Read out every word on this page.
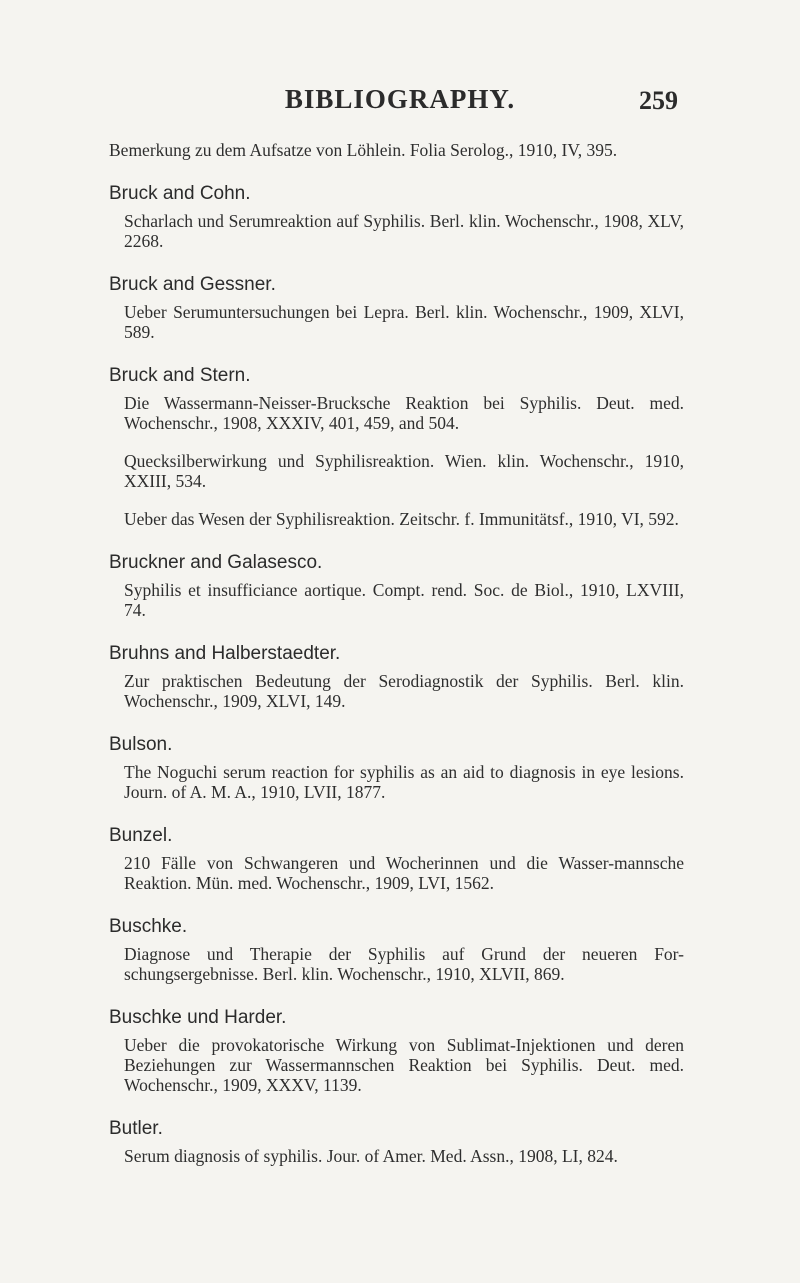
BIBLIOGRAPHY.	259

Bemerkung zu dem Aufsatze von Löhlein. Folia Serolog., 1910, IV, 395.

Bruck and Cohn.

Scharlach und Serumreaktion auf Syphilis. Berl. klin. Wochenschr., 1908, XLV, 2268.

Bruck and Gessner.

Ueber Serumuntersuchungen bei Lepra. Berl. klin. Wochenschr., 1909, XLVI, 589.

Bruck and Stern.

Die Wassermann-Neisser-Brucksche Reaktion bei Syphilis. Deut. med. Wochenschr., 1908, XXXIV, 401, 459, and 504.

Quecksilberwirkung und Syphilisreaktion. Wien. klin. Wochenschr., 1910, XXIII, 534.

Ueber das Wesen der Syphilisreaktion. Zeitschr. f. Immunitätsf., 1910, VI, 592.

Bruckner and Galasesco.

Syphilis et insufficiance aortique. Compt. rend. Soc. de Biol., 1910, LXVIII, 74.

Bruhns and Halberstaedter.

Zur praktischen Bedeutung der Serodiagnostik der Syphilis. Berl. klin. Wochenschr., 1909, XLVI, 149.

Bulson.

The Noguchi serum reaction for syphilis as an aid to diagnosis in eye lesions. Journ. of A. M. A., 1910, LVII, 1877.

Bunzel.

210 Fälle von Schwangeren und Wocherinnen und die Wasser-mannsche Reaktion. Mün. med. Wochenschr., 1909, LVI, 1562.

Buschke.

Diagnose und Therapie der Syphilis auf Grund der neueren For-schungsergebnisse. Berl. klin. Wochenschr., 1910, XLVII, 869.

Buschke und Harder.

Ueber die provokatorische Wirkung von Sublimat-Injektionen und deren Beziehungen zur Wassermannschen Reaktion bei Syphilis. Deut. med. Wochenschr., 1909, XXXV, 1139.

Butler.

Serum diagnosis of syphilis. Jour. of Amer. Med. Assn., 1908, LI, 824.
